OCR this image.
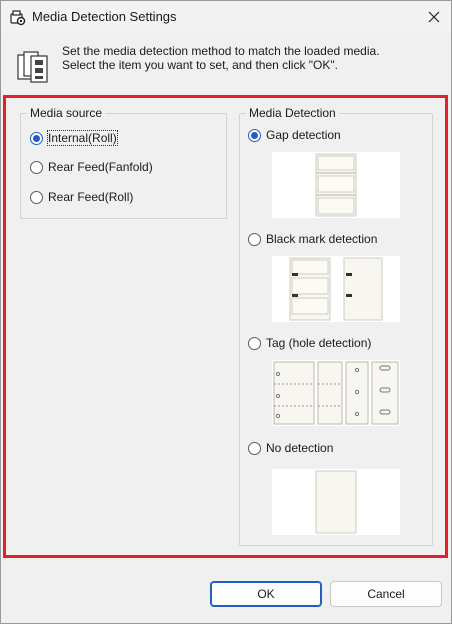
Media Detection Settings
Set the media detection method to match the loaded media.
Select the item you want to set, and then click "OK".
Media source
Internal(Roll)
Rear Feed(Fanfold)
Rear Feed(Roll)
Media Detection
Gap detection
Black mark detection
Tag (hole detection)
No detection
OK	Cancel
